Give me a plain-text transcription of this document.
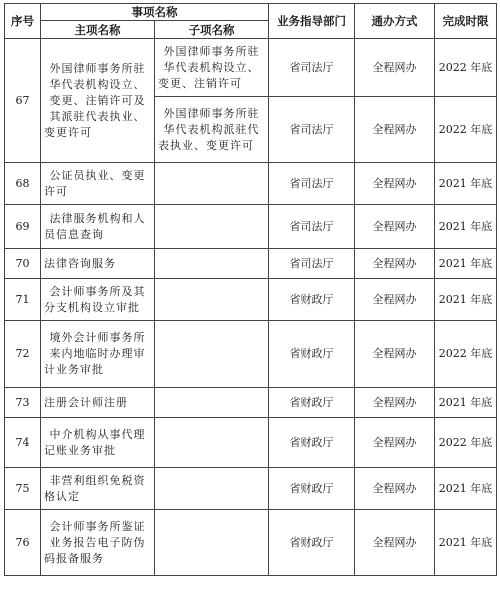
序号	事项名称		业务指导部门	通办方式	完成时限
	主项名称	子项名称			
67	外国律师事务所驻华代表机构设立、变更、注销许可及其派驻代表执业、变更许可	外国律师事务所驻华代表机构设立、变更、注销许可	省司法厅	全程网办	2022 年底
		外国律师事务所驻华代表机构派驻代表执业、变更许可	省司法厅	全程网办	2022 年底
68	公证员执业、变更许可		省司法厅	全程网办	2021 年底
69	法律服务机构和人员信息查询		省司法厅	全程网办	2021 年底
70	法律咨询服务		省司法厅	全程网办	2021 年底
71	会计师事务所及其分支机构设立审批		省财政厅	全程网办	2021 年底
72	境外会计师事务所来内地临时办理审计业务审批		省财政厅	全程网办	2022 年底
73	注册会计师注册		省财政厅	全程网办	2021 年底
74	中介机构从事代理记账业务审批		省财政厅	全程网办	2022 年底
75	非营利组织免税资格认定		省财政厅	全程网办	2021 年底
76	会计师事务所鉴证业务报告电子防伪码报备服务		省财政厅	全程网办	2021 年底
